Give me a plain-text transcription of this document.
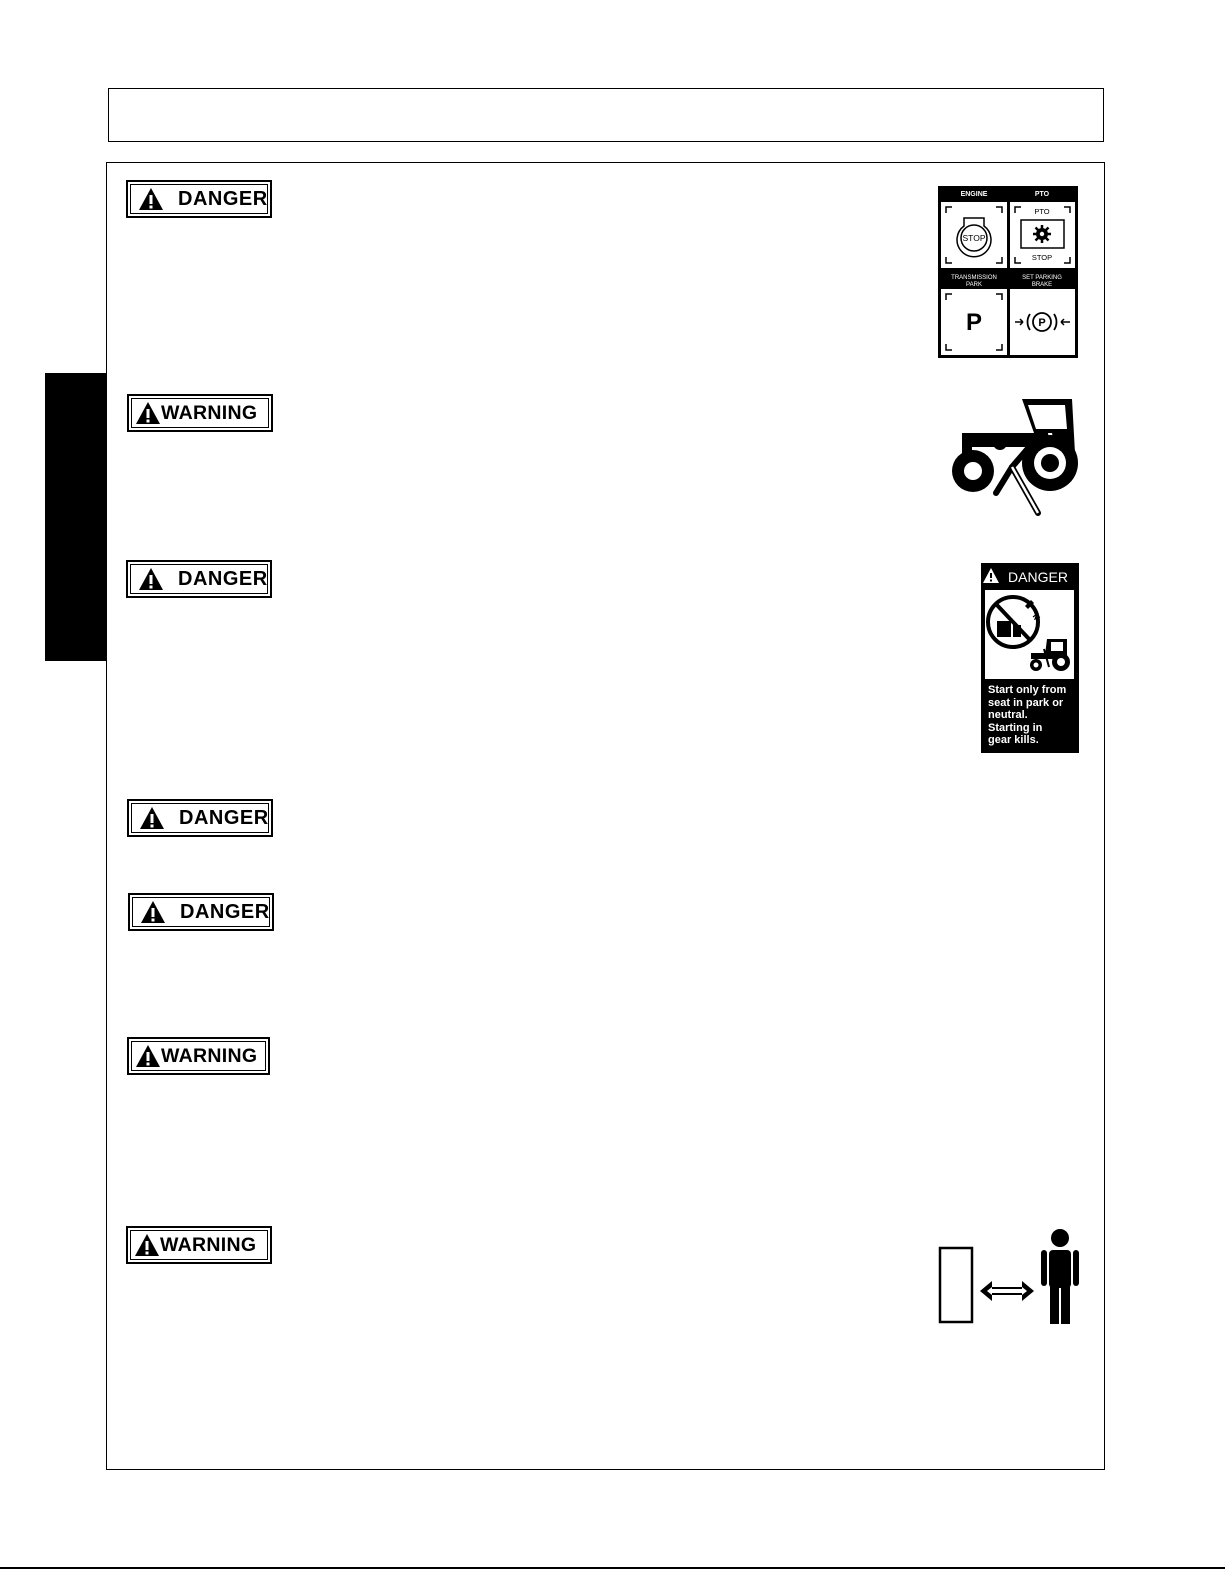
DANGER
WARNING
DANGER
DANGER
DANGER
WARNING
WARNING
ENGINE	PTO
TRANSMISSION
PARK
SET PARKING
BRAKE
STOP
PTO
STOP
P	P
DANGER
Start only from
seat in park or
neutral.
Starting in
gear kills.
